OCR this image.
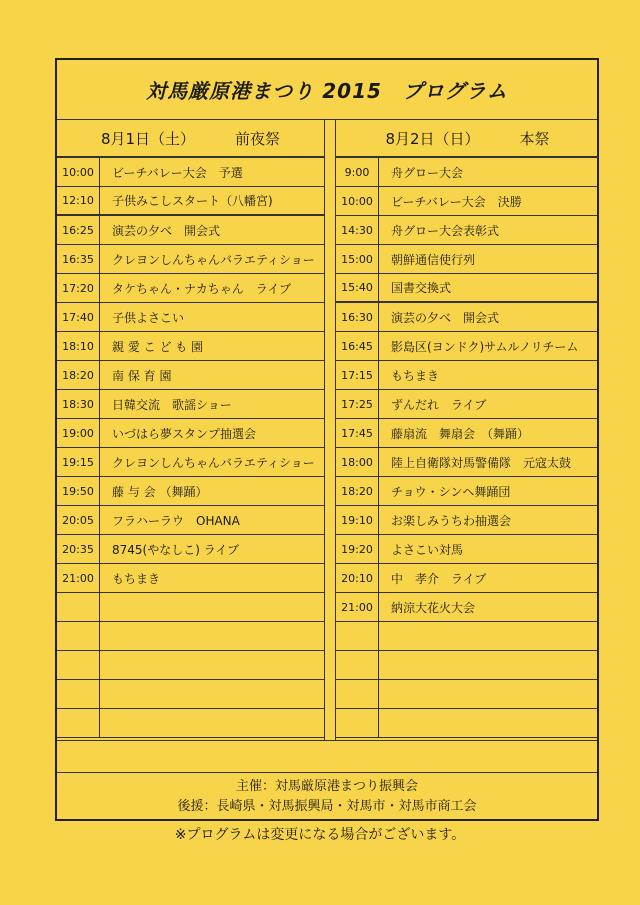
対馬厳原港まつり 2015　プログラム
8月1日（土）	前夜祭
10:00	ビーチバレー大会　予選
12:10	子供みこしスタート（八幡宮)
16:25	演芸の夕べ　開会式
16:35	クレヨンしんちゃんバラエティショー
17:20	タケちゃん・ナカちゃん　ライブ
17:40	子供よさこい
18:10	親 愛 こ ど も 園
18:20	南 保 育 園
18:30	日韓交流　歌謡ショー
19:00	いづはら夢スタンプ抽選会
19:15	クレヨンしんちゃんバラエティショー
19:50	藤 与 会 （舞踊）
20:05	フラハーラウ　OHANA
20:35	8745(やなしこ) ライブ
21:00	もちまき
8月2日（日）	本祭
9:00	舟グロー大会
10:00	ビーチバレー大会　決勝
14:30	舟グロー大会表彰式
15:00	朝鮮通信使行列
15:40	国書交換式
16:30	演芸の夕べ　開会式
16:45	影島区(ヨンドク)サムルノリチーム
17:15	もちまき
17:25	ずんだれ　ライブ
17:45	藤扇流　舞扇会　（舞踊）
18:00	陸上自衛隊対馬警備隊　元寇太鼓
18:20	チョウ・シンヘ舞踊団
19:10	お楽しみうちわ抽選会
19:20	よさこい対馬
20:10	中　孝介　ライブ
21:00	納涼大花火大会
主催：対馬厳原港まつり振興会
後援：長崎県・対馬振興局・対馬市・対馬市商工会
※プログラムは変更になる場合がございます。
